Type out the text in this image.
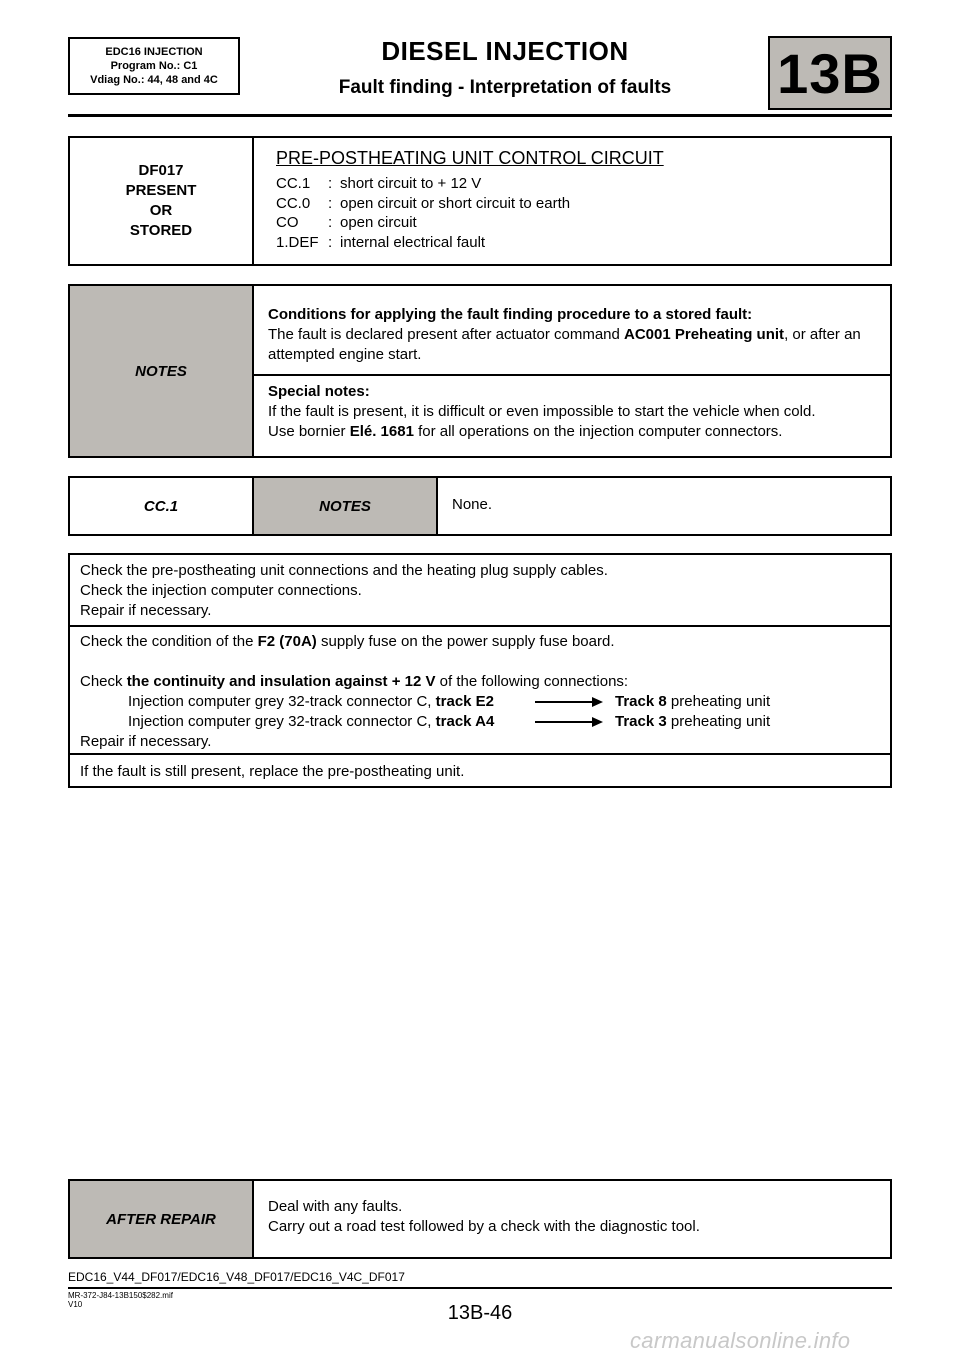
EDC16 INJECTION
Program No.: C1
Vdiag No.: 44, 48 and 4C
DIESEL INJECTION
Fault finding - Interpretation of faults	13B
DF017
PRESENT
OR
STORED
PRE-POSTHEATING UNIT CONTROL CIRCUIT
CC.1	: short circuit to + 12 V
CC.0	: open circuit or short circuit to earth
CO	: open circuit
1.DEF : internal electrical fault
NOTES
Conditions for applying the fault finding procedure to a stored fault:
The fault is declared present after actuator command AC001 Preheating unit, or after an attempted engine start.
Special notes:
If the fault is present, it is difficult or even impossible to start the vehicle when cold.
Use bornier Elé. 1681 for all operations on the injection computer connectors.
CC.1	NOTES	None.
Check the pre-postheating unit connections and the heating plug supply cables.
Check the injection computer connections.
Repair if necessary.
Check the condition of the F2 (70A) supply fuse on the power supply fuse board.
Check the continuity and insulation against + 12 V of the following connections:
Injection computer grey 32-track connector C, track E2	Track 8 preheating unit
Injection computer grey 32-track connector C, track A4	Track 3 preheating unit
Repair if necessary.
If the fault is still present, replace the pre-postheating unit.
AFTER REPAIR
Deal with any faults.
Carry out a road test followed by a check with the diagnostic tool.
EDC16_V44_DF017/EDC16_V48_DF017/EDC16_V4C_DF017
MR-372-J84-13B150$282.mif
V10	13B-46
carmanualsonline.info
